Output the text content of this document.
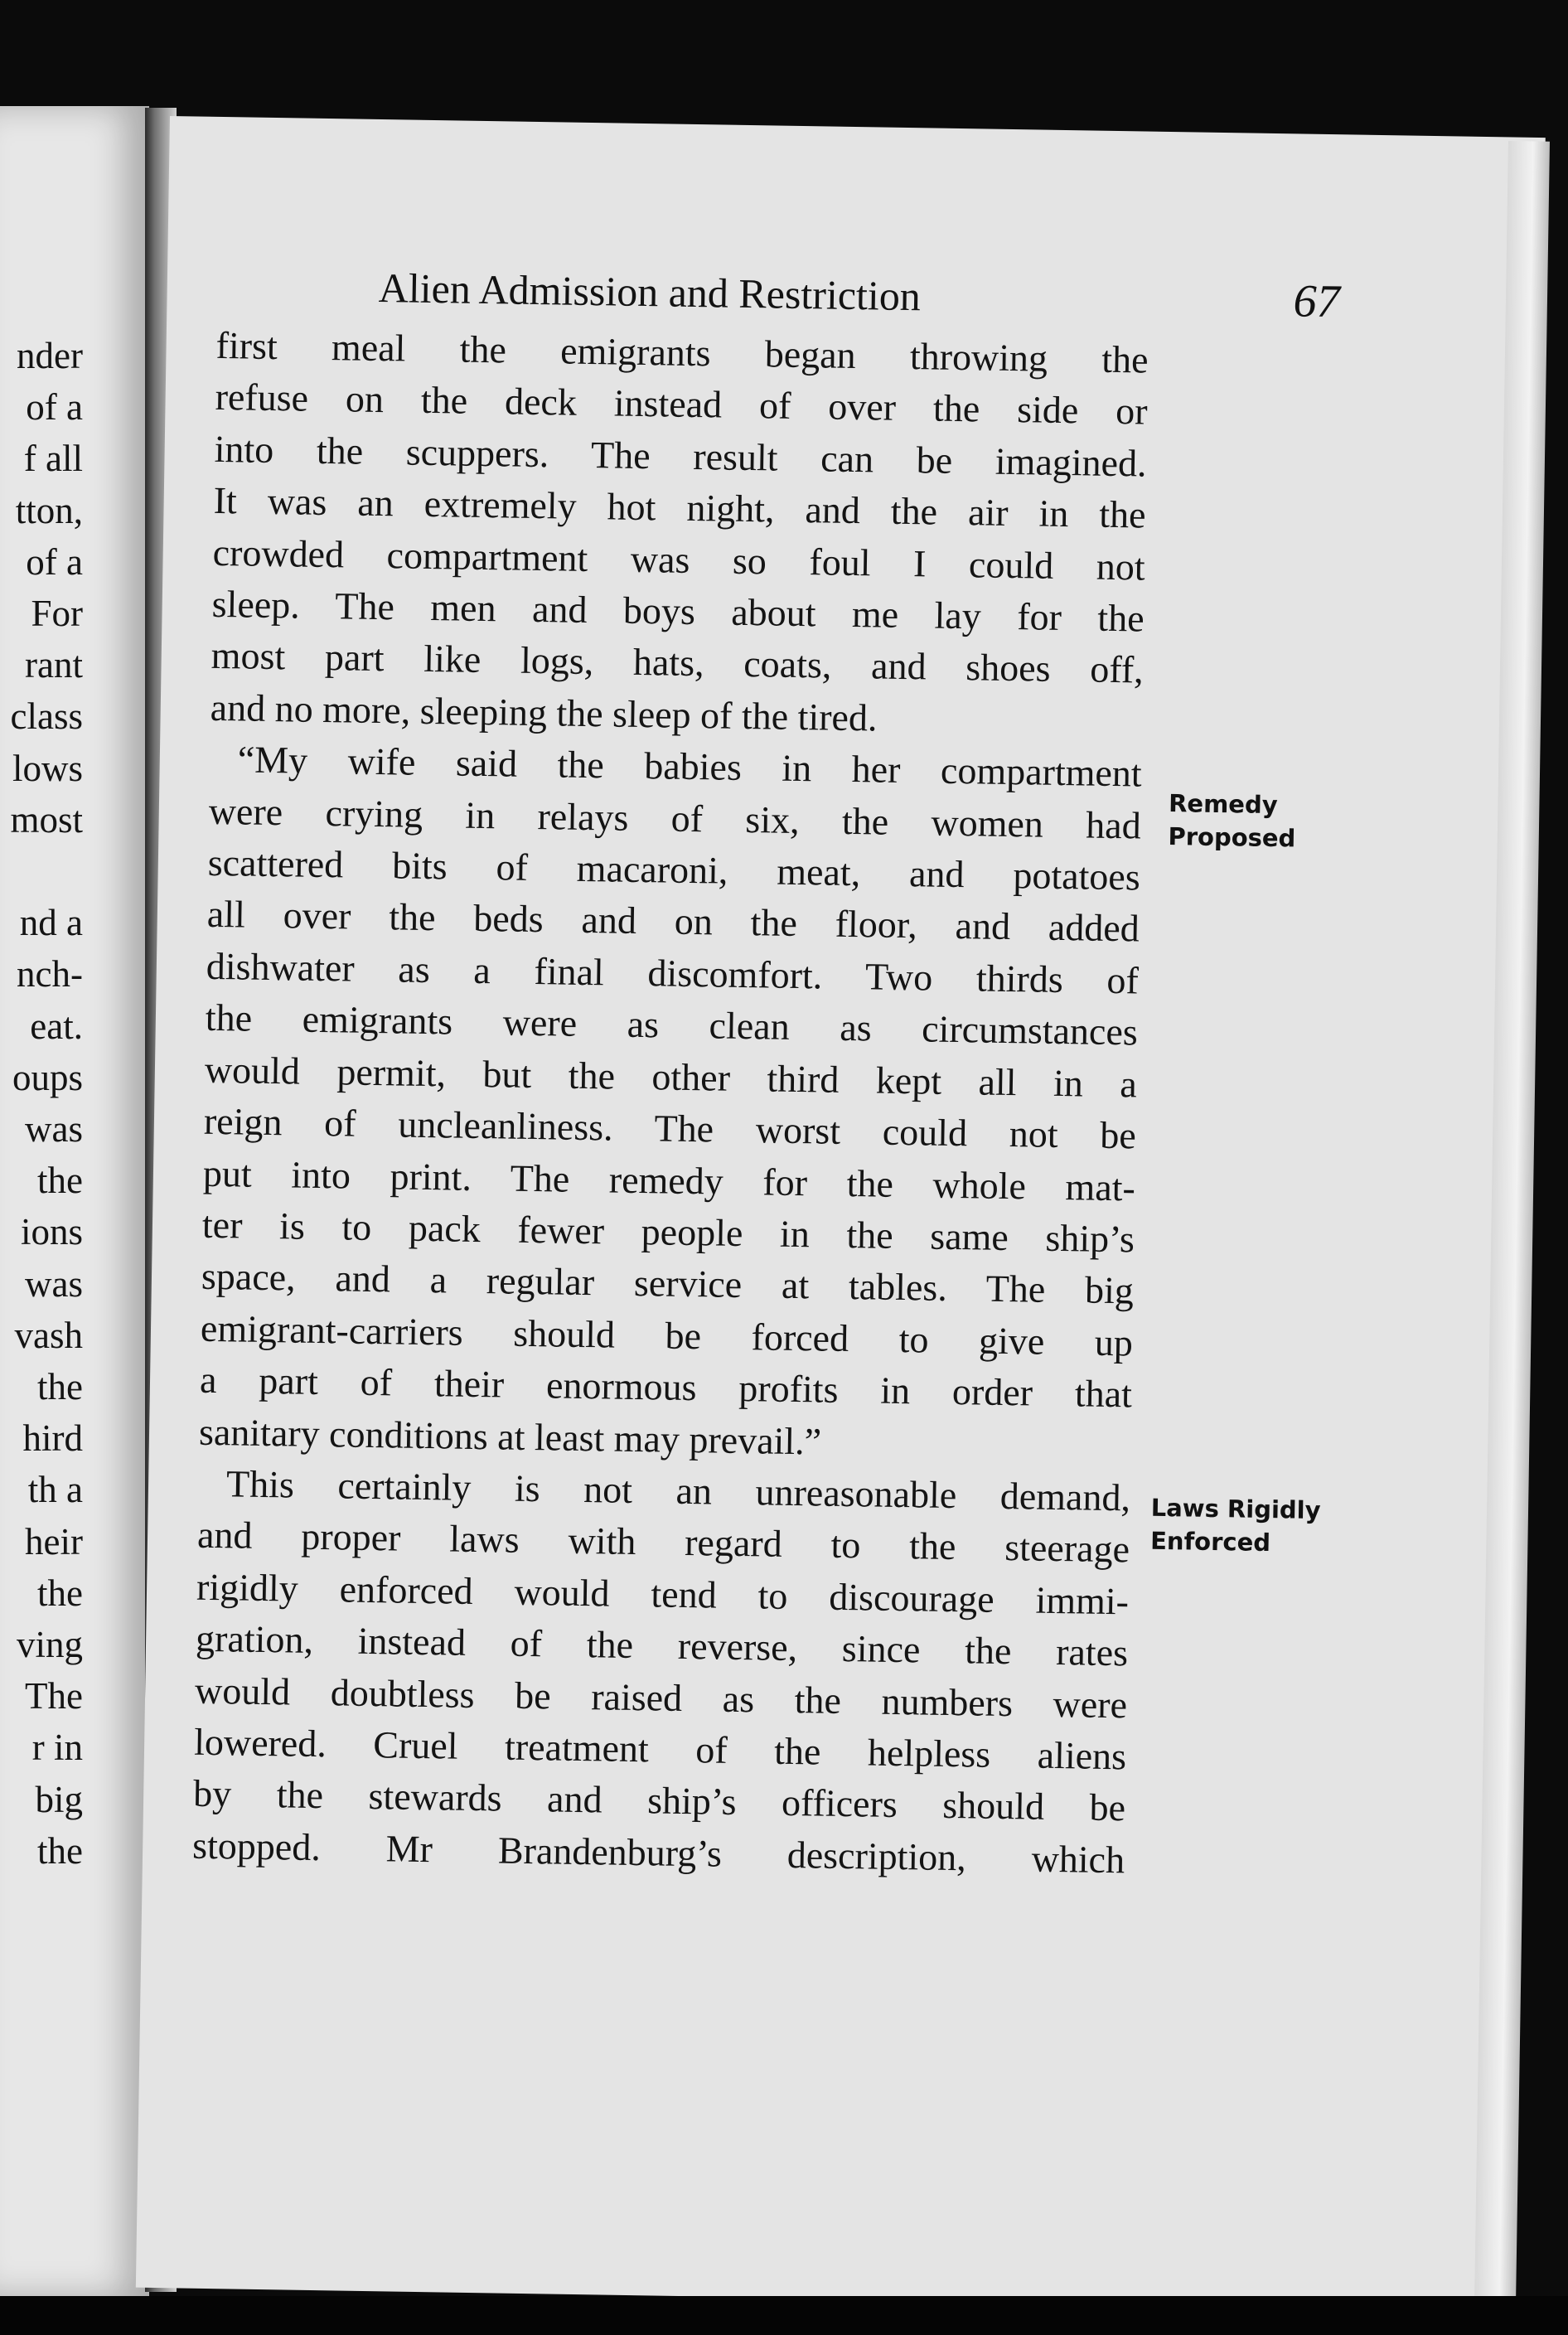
nder
of a
f all
tton,
of a
For
rant
class
lows
most
nd a
nch-
eat.
oups
was
the
ions
was
vash
the
hird
th a
heir
the
ving
The
r in
big
the
Alien Admission and Restriction	67
first meal the emigrants began throwing the
refuse on the deck instead of over the side or
into the scuppers. The result can be imagined.
It was an extremely hot night, and the air in the
crowded compartment was so foul I could not
sleep. The men and boys about me lay for the
most part like logs, hats, coats, and shoes off,
and no more, sleeping the sleep of the tired.
“My wife said the babies in her compartment
were crying in relays of six, the women had
scattered bits of macaroni, meat, and potatoes
all over the beds and on the floor, and added
dishwater as a final discomfort. Two thirds of
the emigrants were as clean as circumstances
would permit, but the other third kept all in a
reign of uncleanliness. The worst could not be
put into print. The remedy for the whole mat-
ter is to pack fewer people in the same ship’s
space, and a regular service at tables. The big
emigrant-carriers should be forced to give up
a part of their enormous profits in order that
sanitary conditions at least may prevail.”
This certainly is not an unreasonable demand,
and proper laws with regard to the steerage
rigidly enforced would tend to discourage immi-
gration, instead of the reverse, since the rates
would doubtless be raised as the numbers were
lowered. Cruel treatment of the helpless aliens
by the stewards and ship’s officers should be
stopped. Mr Brandenburg’s description, which
Remedy
Proposed
Laws Rigidly
Enforced
